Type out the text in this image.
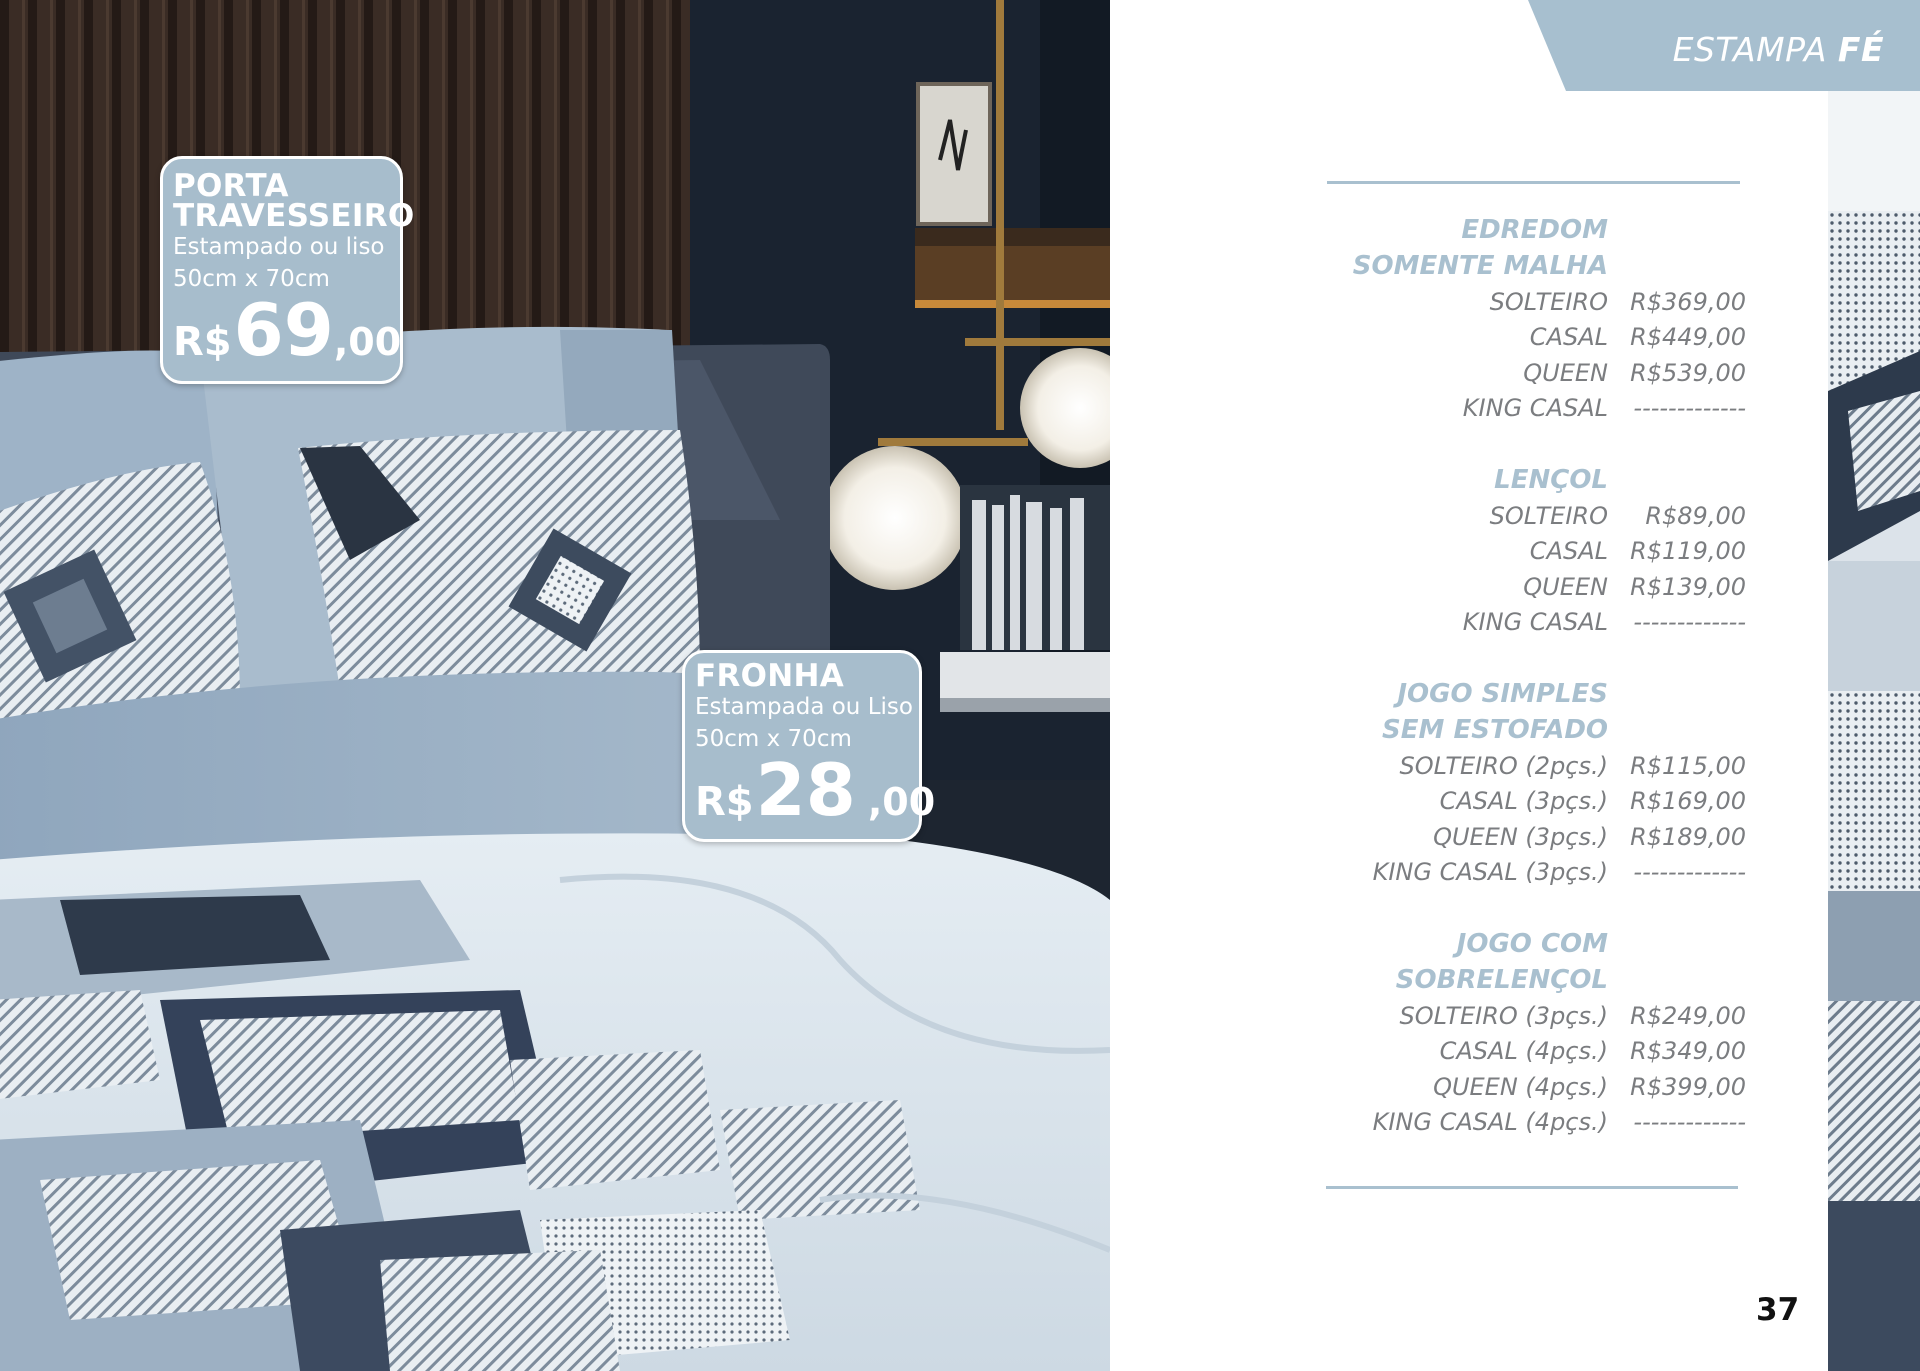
PORTA
TRAVESSEIRO
Estampado ou liso
50cm x 70cm
R$ 69 ,00
FRONHA
Estampada ou Liso
50cm x 70cm
R$ 28 ,00
ESTAMPA FÉ
EDREDOM
SOMENTE MALHA
SOLTEIRO R$369,00
CASAL R$449,00
QUEEN R$539,00
KING CASAL	-------------
LENÇOL
SOLTEIRO	R$89,00
CASAL R$119,00
QUEEN R$139,00
KING CASAL	-------------
JOGO SIMPLES
SEM ESTOFADO
SOLTEIRO (2pçs.) R$115,00
CASAL (3pçs.) R$169,00
QUEEN (3pçs.) R$189,00
KING CASAL (3pçs.)	-------------
JOGO COM
SOBRELENÇOL
SOLTEIRO (3pçs.) R$249,00
CASAL (4pçs.) R$349,00
QUEEN (4pçs.) R$399,00
KING CASAL (4pçs.)	-------------
37
